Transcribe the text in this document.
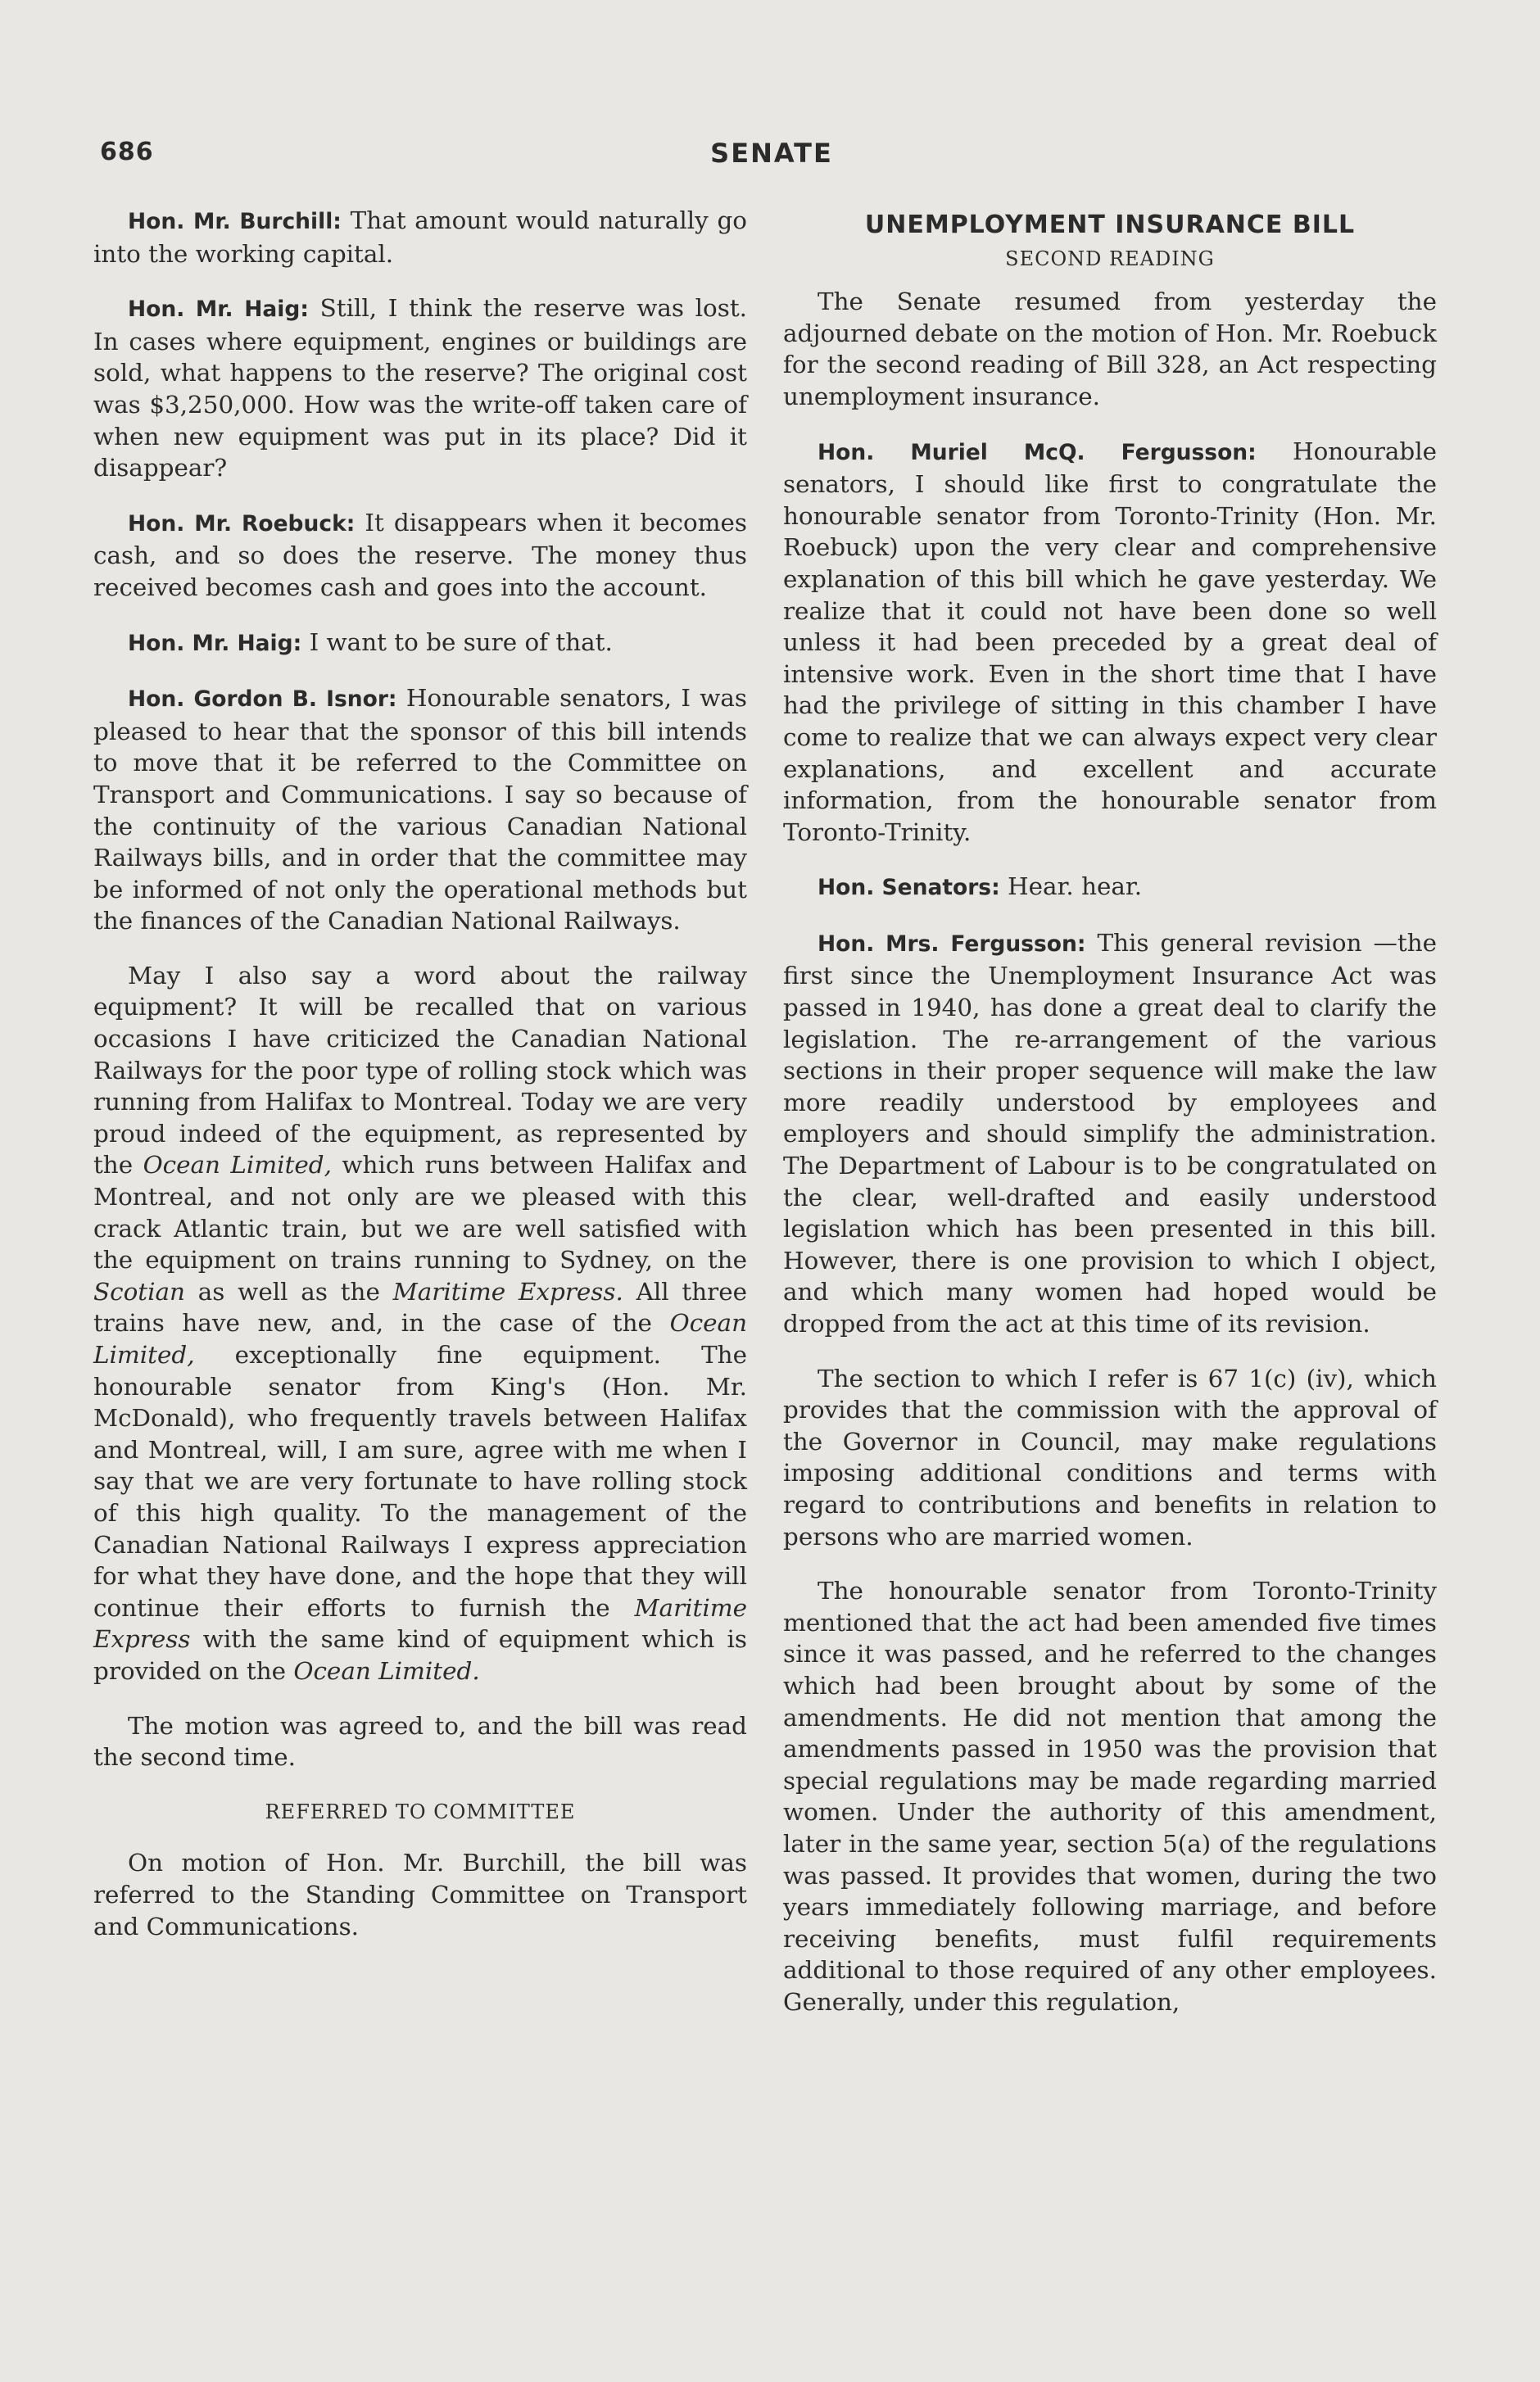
686	SENATE

Hon. Mr. Burchill: That amount would naturally go into the working capital.

Hon. Mr. Haig: Still, I think the reserve was lost. In cases where equipment, engines or buildings are sold, what happens to the reserve? The original cost was $3,250,000. How was the write-off taken care of when new equipment was put in its place? Did it disappear?

Hon. Mr. Roebuck: It disappears when it becomes cash, and so does the reserve. The money thus received becomes cash and goes into the account.

Hon. Mr. Haig: I want to be sure of that.

Hon. Gordon B. Isnor: Honourable senators, I was pleased to hear that the sponsor of this bill intends to move that it be referred to the Committee on Transport and Communications. I say so because of the continuity of the various Canadian National Railways bills, and in order that the committee may be informed of not only the operational methods but the finances of the Canadian National Railways.

May I also say a word about the railway equipment? It will be recalled that on various occasions I have criticized the Canadian National Railways for the poor type of rolling stock which was running from Halifax to Montreal. Today we are very proud indeed of the equipment, as represented by the Ocean Limited, which runs between Halifax and Montreal, and not only are we pleased with this crack Atlantic train, but we are well satisfied with the equipment on trains running to Sydney, on the Scotian as well as the Maritime Express. All three trains have new, and, in the case of the Ocean Limited, exceptionally fine equipment. The honourable senator from King's (Hon. Mr. McDonald), who frequently travels between Halifax and Montreal, will, I am sure, agree with me when I say that we are very fortunate to have rolling stock of this high quality. To the management of the Canadian National Railways I express appreciation for what they have done, and the hope that they will continue their efforts to furnish the Maritime Express with the same kind of equipment which is provided on the Ocean Limited.

The motion was agreed to, and the bill was read the second time.

REFERRED TO COMMITTEE

On motion of Hon. Mr. Burchill, the bill was referred to the Standing Committee on Transport and Communications.

UNEMPLOYMENT INSURANCE BILL
SECOND READING

The Senate resumed from yesterday the adjourned debate on the motion of Hon. Mr. Roebuck for the second reading of Bill 328, an Act respecting unemployment insurance.

Hon. Muriel McQ. Fergusson: Honourable senators, I should like first to congratulate the honourable senator from Toronto-Trinity (Hon. Mr. Roebuck) upon the very clear and comprehensive explanation of this bill which he gave yesterday. We realize that it could not have been done so well unless it had been preceded by a great deal of intensive work. Even in the short time that I have had the privilege of sitting in this chamber I have come to realize that we can always expect very clear explanations, and excellent and accurate information, from the honourable senator from Toronto-Trinity.

Hon. Senators: Hear. hear.

Hon. Mrs. Fergusson: This general revision —the first since the Unemployment Insurance Act was passed in 1940, has done a great deal to clarify the legislation. The re-arrangement of the various sections in their proper sequence will make the law more readily understood by employees and employers and should simplify the administration. The Department of Labour is to be congratulated on the clear, well-drafted and easily understood legislation which has been presented in this bill. However, there is one provision to which I object, and which many women had hoped would be dropped from the act at this time of its revision.

The section to which I refer is 67 1(c) (iv), which provides that the commission with the approval of the Governor in Council, may make regulations imposing additional conditions and terms with regard to contributions and benefits in relation to persons who are married women.

The honourable senator from Toronto-Trinity mentioned that the act had been amended five times since it was passed, and he referred to the changes which had been brought about by some of the amendments. He did not mention that among the amendments passed in 1950 was the provision that special regulations may be made regarding married women. Under the authority of this amendment, later in the same year, section 5(a) of the regulations was passed. It provides that women, during the two years immediately following marriage, and before receiving benefits, must fulfil requirements additional to those required of any other employees. Generally, under this regulation,
